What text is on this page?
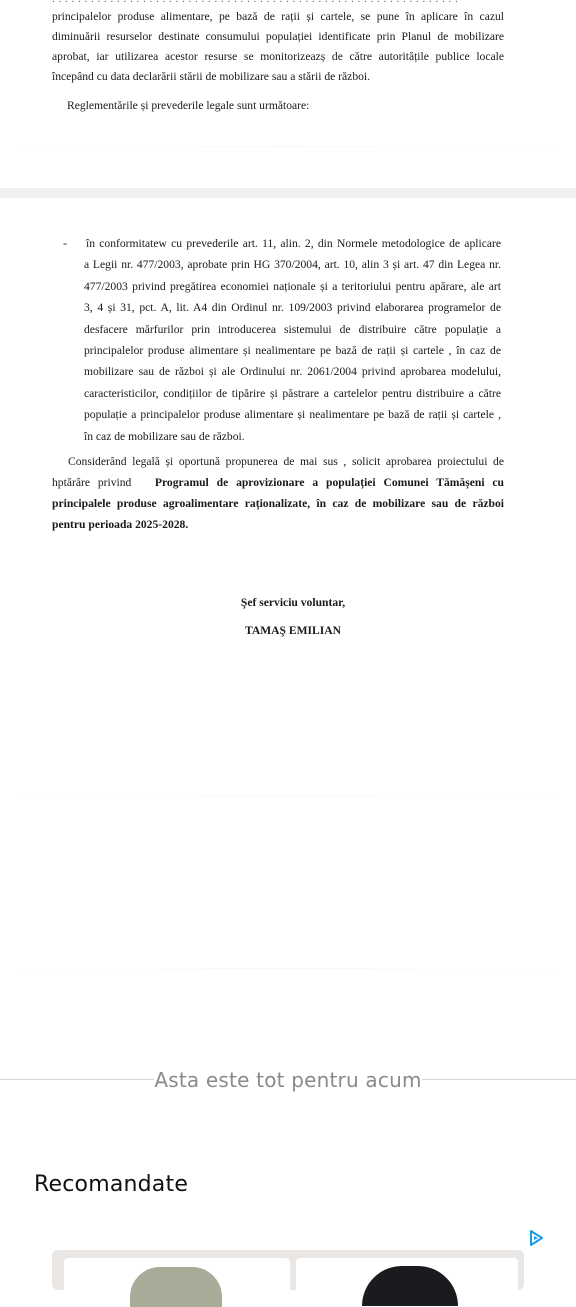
principalelor produse alimentare, pe bază de rații și cartele, se pune în aplicare în cazul
diminuării resurselor destinate consumului populației identificate prin Planul de mobilizare
aprobat, iar utilizarea acestor resurse se monitorizeazș de către autoritățile publice locale
începând cu data declarării stării de mobilizare sau a stării de război.
Reglementările și prevederile legale sunt următoare:
- în conformitatew cu prevederile art. 11, alin. 2, din Normele metodologice de aplicare
a Legii nr. 477/2003, aprobate prin HG 370/2004, art. 10, alin 3 și art. 47 din Legea nr.
477/2003 privind pregătirea economiei naționale și a teritoriului pentru apărare, ale art
3, 4 și 31, pct. A, lit. A4 din Ordinul nr. 109/2003 privind elaborarea programelor de
desfacere mărfurilor prin introducerea sistemului de distribuire către populație a
principalelor produse alimentare și nealimentare pe bază de rații și cartele , în caz de
mobilizare sau de război și ale Ordinului nr. 2061/2004 privind aprobarea modelului,
caracteristicilor, condițiilor de tipărire și păstrare a cartelelor pentru distribuire a către
populație a principalelor produse alimentare și nealimentare pe bază de rații și cartele ,
în caz de mobilizare sau de război.
Considerând legală și oportună propunerea de mai sus , solicit aprobarea proiectului de
hptărâre privind Programul de aprovizionare a populației Comunei Tămășeni cu
principalele produse agroalimentare raționalizate, în caz de mobilizare sau de război
pentru perioada 2025-2028.
Şef serviciu voluntar,
TAMAŞ EMILIAN
Asta este tot pentru acum
Recomandate
